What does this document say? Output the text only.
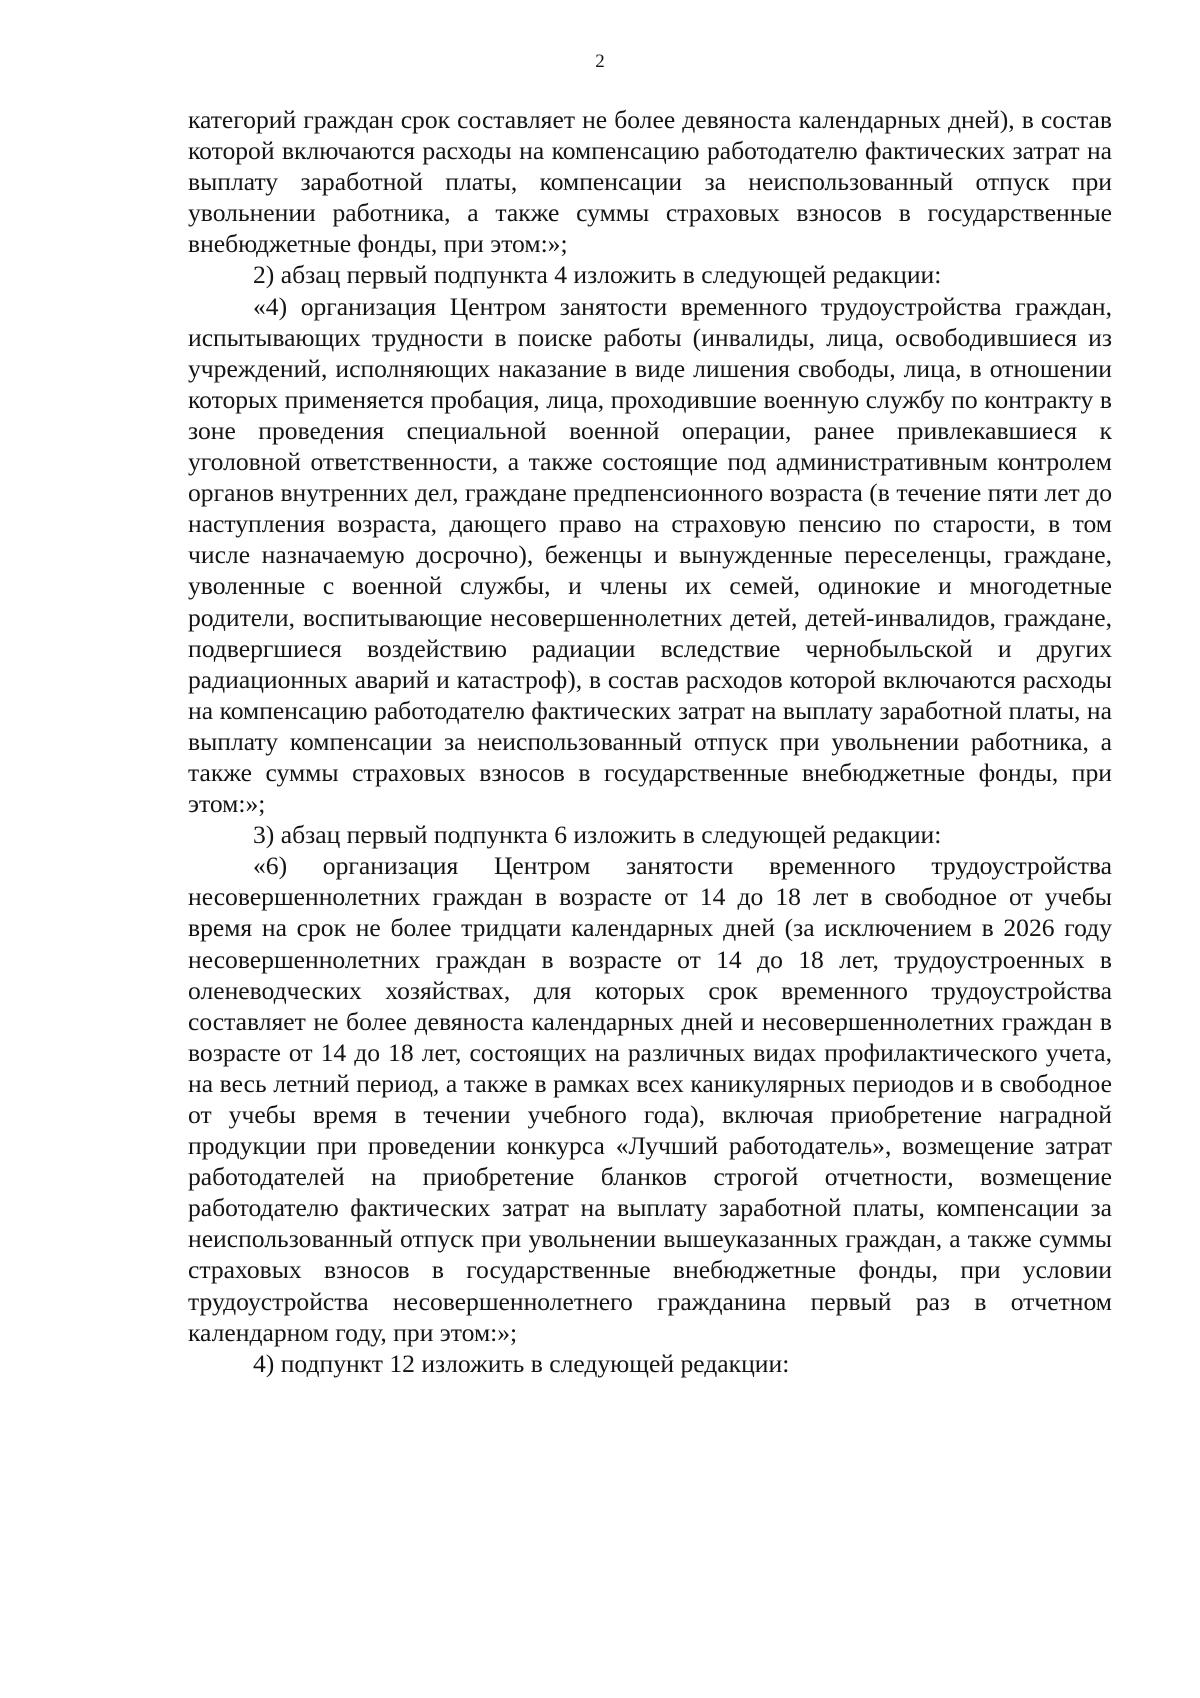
2

категорий граждан срок составляет не более девяноста календарных дней), в состав которой включаются расходы на компенсацию работодателю фактических затрат на выплату заработной платы, компенсации за неиспользованный отпуск при увольнении работника, а также суммы страховых взносов в государственные внебюджетные фонды, при этом:»;

2) абзац первый подпункта 4 изложить в следующей редакции:

«4) организация Центром занятости временного трудоустройства граждан, испытывающих трудности в поиске работы (инвалиды, лица, освободившиеся из учреждений, исполняющих наказание в виде лишения свободы, лица, в отношении которых применяется пробация, лица, проходившие военную службу по контракту в зоне проведения специальной военной операции, ранее привлекавшиеся к уголовной ответственности, а также состоящие под административным контролем органов внутренних дел, граждане предпенсионного возраста (в течение пяти лет до наступления возраста, дающего право на страховую пенсию по старости, в том числе назначаемую досрочно), беженцы и вынужденные переселенцы, граждане, уволенные с военной службы, и члены их семей, одинокие и многодетные родители, воспитывающие несовершеннолетних детей, детей-инвалидов, граждане, подвергшиеся воздействию радиации вследствие чернобыльской и других радиационных аварий и катастроф), в состав расходов которой включаются расходы на компенсацию работодателю фактических затрат на выплату заработной платы, на выплату компенсации за неиспользованный отпуск при увольнении работника, а также суммы страховых взносов в государственные внебюджетные фонды, при этом:»;

3) абзац первый подпункта 6 изложить в следующей редакции:

«6) организация Центром занятости временного трудоустройства несовершеннолетних граждан в возрасте от 14 до 18 лет в свободное от учебы время на срок не более тридцати календарных дней (за исключением в 2026 году несовершеннолетних граждан в возрасте от 14 до 18 лет, трудоустроенных в оленеводческих хозяйствах, для которых срок временного трудоустройства составляет не более девяноста календарных дней и несовершеннолетних граждан в возрасте от 14 до 18 лет, состоящих на различных видах профилактического учета, на весь летний период, а также в рамках всех каникулярных периодов и в свободное от учебы время в течении учебного года), включая приобретение наградной продукции при проведении конкурса «Лучший работодатель», возмещение затрат работодателей на приобретение бланков строгой отчетности, возмещение работодателю фактических затрат на выплату заработной платы, компенсации за неиспользованный отпуск при увольнении вышеуказанных граждан, а также суммы страховых взносов в государственные внебюджетные фонды, при условии трудоустройства несовершеннолетнего гражданина первый раз в отчетном календарном году, при этом:»;

4) подпункт 12 изложить в следующей редакции:
